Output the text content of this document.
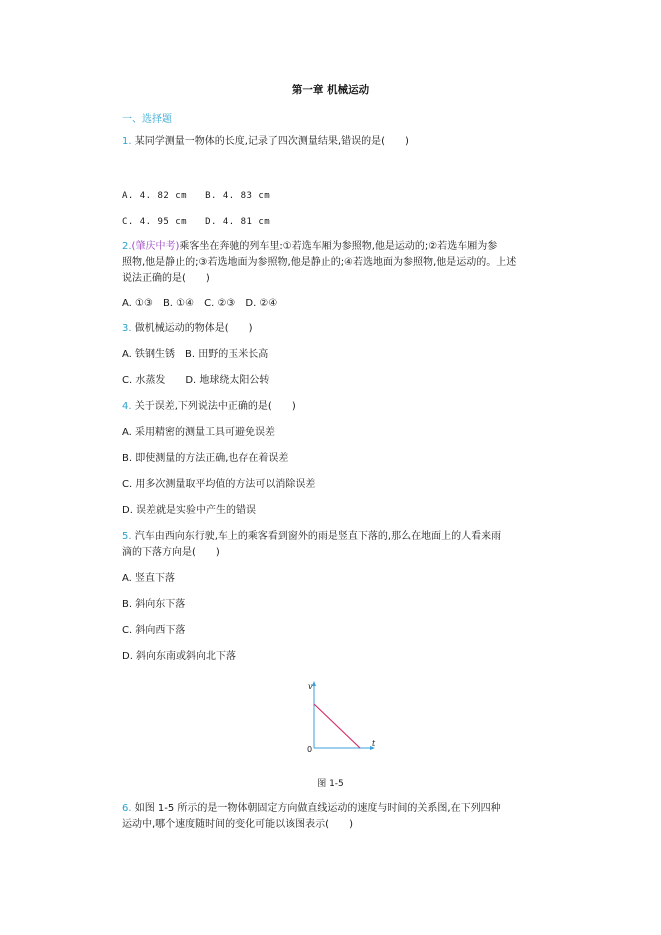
第一章 机械运动
一、选择题
1. 某同学测量一物体的长度,记录了四次测量结果,错误的是(　　)
A. 4. 82 cm B. 4. 83 cm
C. 4. 95 cm D. 4. 81 cm
2.(肇庆中考)乘客坐在奔驰的列车里:①若选车厢为参照物,他是运动的;②若选车厢为参
照物,他是静止的;③若选地面为参照物,他是静止的;④若选地面为参照物,他是运动的。上述
说法正确的是(　　)
A. ①③　B. ①④　C. ②③　D. ②④
3. 做机械运动的物体是(　　)
A. 铁钢生锈　B. 田野的玉米长高
C. 水蒸发　　D. 地球绕太阳公转
4. 关于误差,下列说法中正确的是(　　)
A. 采用精密的测量工具可避免误差
B. 即使测量的方法正确,也存在着误差
C. 用多次测量取平均值的方法可以消除误差
D. 误差就是实验中产生的错误
5. 汽车由西向东行驶,车上的乘客看到窗外的雨是竖直下落的,那么在地面上的人看来雨
滴的下落方向是(　　)
A. 竖直下落
B. 斜向东下落
C. 斜向西下落
D. 斜向东南或斜向北下落
v
t
0
图 1-5
6. 如图 1-5 所示的是一物体朝固定方向做直线运动的速度与时间的关系图,在下列四种
运动中,哪个速度随时间的变化可能以该图表示(　　)
